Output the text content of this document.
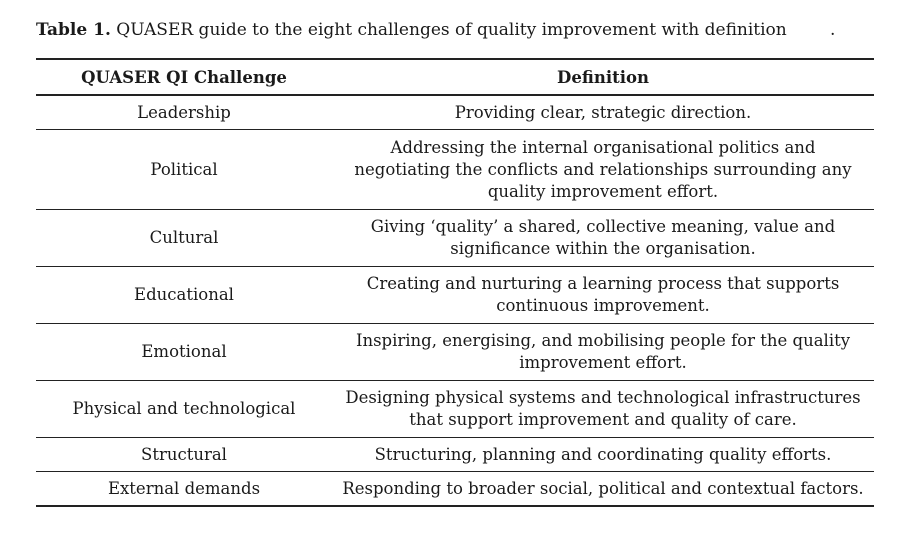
Table 1. QUASER guide to the eight challenges of quality improvement with definition	.
QUASER QI Challenge	Definition
Leadership	Providing clear, strategic direction.
Political	Addressing the internal organisational politics and negotiating the conflicts and relationships surrounding any quality improvement effort.
Cultural	Giving ‘quality’ a shared, collective meaning, value and significance within the organisation.
Educational	Creating and nurturing a learning process that supports continuous improvement.
Emotional	Inspiring, energising, and mobilising people for the quality improvement effort.
Physical and technological	Designing physical systems and technological infrastructures that support improvement and quality of care.
Structural	Structuring, planning and coordinating quality efforts.
External demands	Responding to broader social, political and contextual factors.
